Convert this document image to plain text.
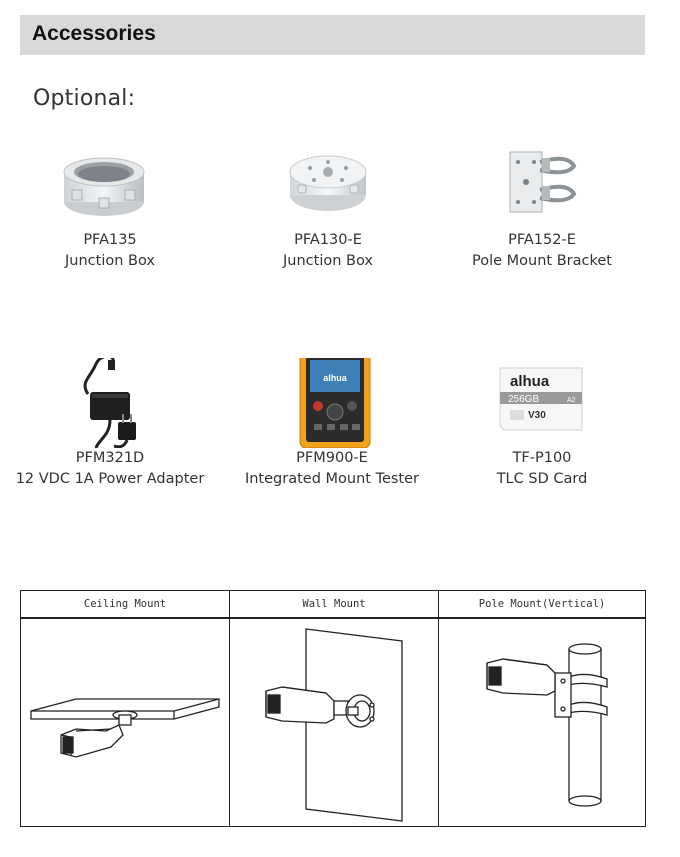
Accessories
Optional:
PFA135
Junction Box
PFA130-E
Junction Box
PFA152-E
Pole Mount Bracket
PFM321D
12 VDC 1A Power Adapter
alhua
PFM900-E
Integrated Mount Tester
alhua
256GB	A2
V30
TF-P100
TLC SD Card
Ceiling Mount	Wall Mount	Pole Mount(Vertical)
